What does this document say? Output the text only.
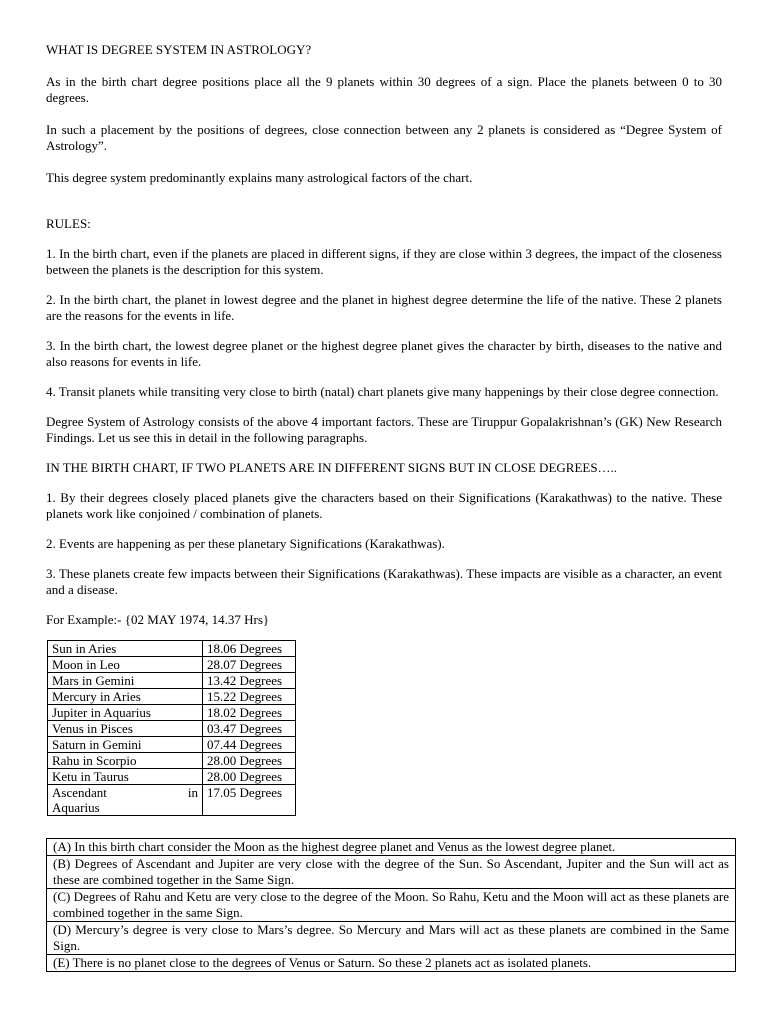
WHAT IS DEGREE SYSTEM IN ASTROLOGY?

As in the birth chart degree positions place all the 9 planets within 30 degrees of a sign. Place the planets between 0 to 30 degrees.

In such a placement by the positions of degrees, close connection between any 2 planets is considered as “Degree System of Astrology”.

This degree system predominantly explains many astrological factors of the chart.

RULES:

1. In the birth chart, even if the planets are placed in different signs, if they are close within 3 degrees, the impact of the closeness between the planets is the description for this system.

2. In the birth chart, the planet in lowest degree and the planet in highest degree determine the life of the native. These 2 planets are the reasons for the events in life.

3. In the birth chart, the lowest degree planet or the highest degree planet gives the character by birth, diseases to the native and also reasons for events in life.

4. Transit planets while transiting very close to birth (natal) chart planets give many happenings by their close degree connection.

Degree System of Astrology consists of the above 4 important factors. These are Tiruppur Gopalakrishnan’s (GK) New Research Findings. Let us see this in detail in the following paragraphs.

IN THE BIRTH CHART, IF TWO PLANETS ARE IN DIFFERENT SIGNS BUT IN CLOSE DEGREES…..

1. By their degrees closely placed planets give the characters based on their Significations (Karakathwas) to the native. These planets work like conjoined / combination of planets.

2. Events are happening as per these planetary Significations (Karakathwas).

3. These planets create few impacts between their Significations (Karakathwas). These impacts are visible as a character, an event and a disease.

For Example:- {02 MAY 1974, 14.37 Hrs}

Sun in Aries	18.06 Degrees
Moon in Leo	28.07 Degrees
Mars in Gemini	13.42 Degrees
Mercury in Aries	15.22 Degrees
Jupiter in Aquarius	18.02 Degrees
Venus in Pisces	03.47 Degrees
Saturn in Gemini	07.44 Degrees
Rahu in Scorpio	28.00 Degrees
Ketu in Taurus	28.00 Degrees

Ascendant in
Aquarius	17.05 Degrees
(A) In this birth chart consider the Moon as the highest degree planet and Venus as the lowest degree planet.
(B) Degrees of Ascendant and Jupiter are very close with the degree of the Sun. So Ascendant, Jupiter and the Sun will act as these are combined together in the Same Sign.
(C) Degrees of Rahu and Ketu are very close to the degree of the Moon. So Rahu, Ketu and the Moon will act as these planets are combined together in the same Sign.
(D) Mercury’s degree is very close to Mars’s degree. So Mercury and Mars will act as these planets are combined in the Same Sign.
(E) There is no planet close to the degrees of Venus or Saturn. So these 2 planets act as isolated planets.
